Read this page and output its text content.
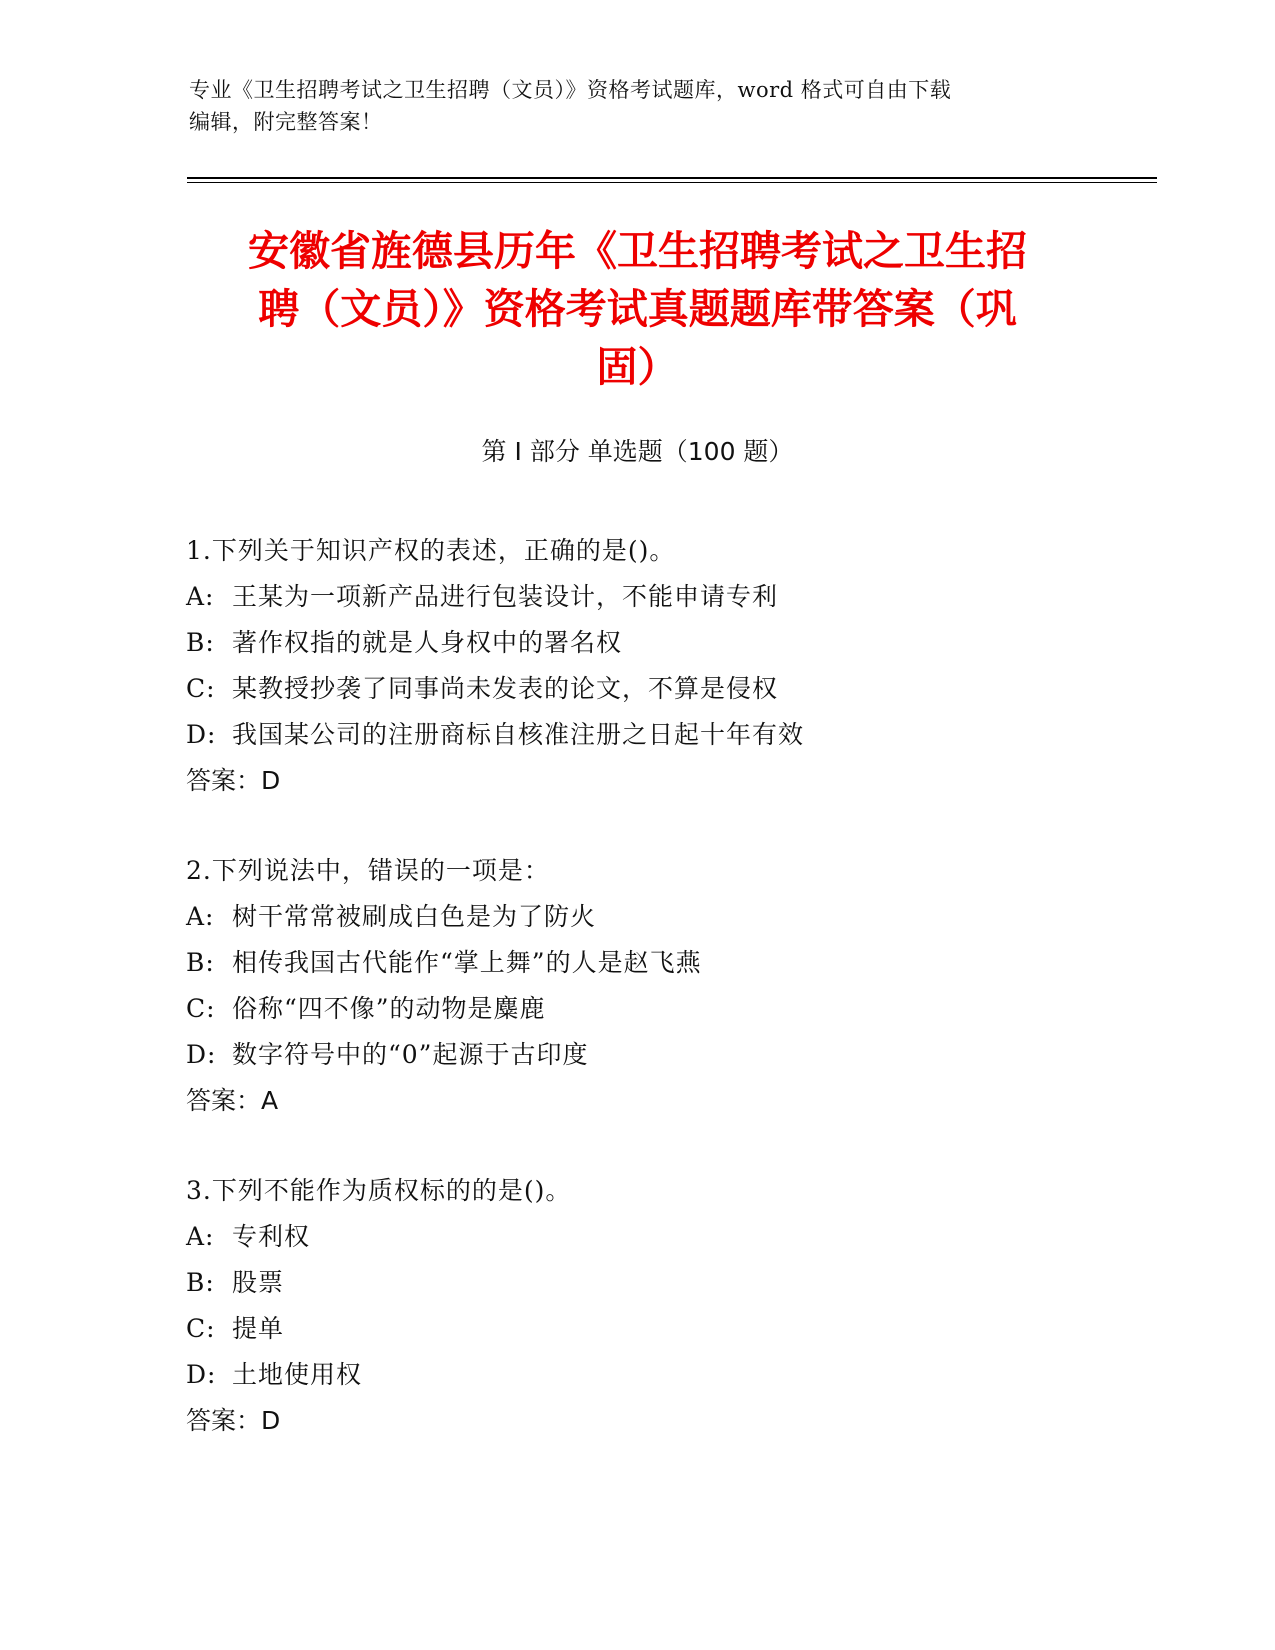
专业《卫生招聘考试之卫生招聘（文员）》资格考试题库，word 格式可自由下载
编辑，附完整答案！
安徽省旌德县历年《卫生招聘考试之卫生招
聘（文员）》资格考试真题题库带答案（巩
固）
第 I 部分 单选题（100 题）
1.下列关于知识产权的表述，正确的是()。
A: 王某为一项新产品进行包装设计，不能申请专利
B: 著作权指的就是人身权中的署名权
C: 某教授抄袭了同事尚未发表的论文，不算是侵权
D: 我国某公司的注册商标自核准注册之日起十年有效
答案：D
2.下列说法中，错误的一项是：
A: 树干常常被刷成白色是为了防火
B: 相传我国古代能作“掌上舞”的人是赵飞燕
C: 俗称“四不像”的动物是麋鹿
D: 数字符号中的“0”起源于古印度
答案：A
3.下列不能作为质权标的的是()。
A: 专利权
B: 股票
C: 提单
D: 土地使用权
答案：D
